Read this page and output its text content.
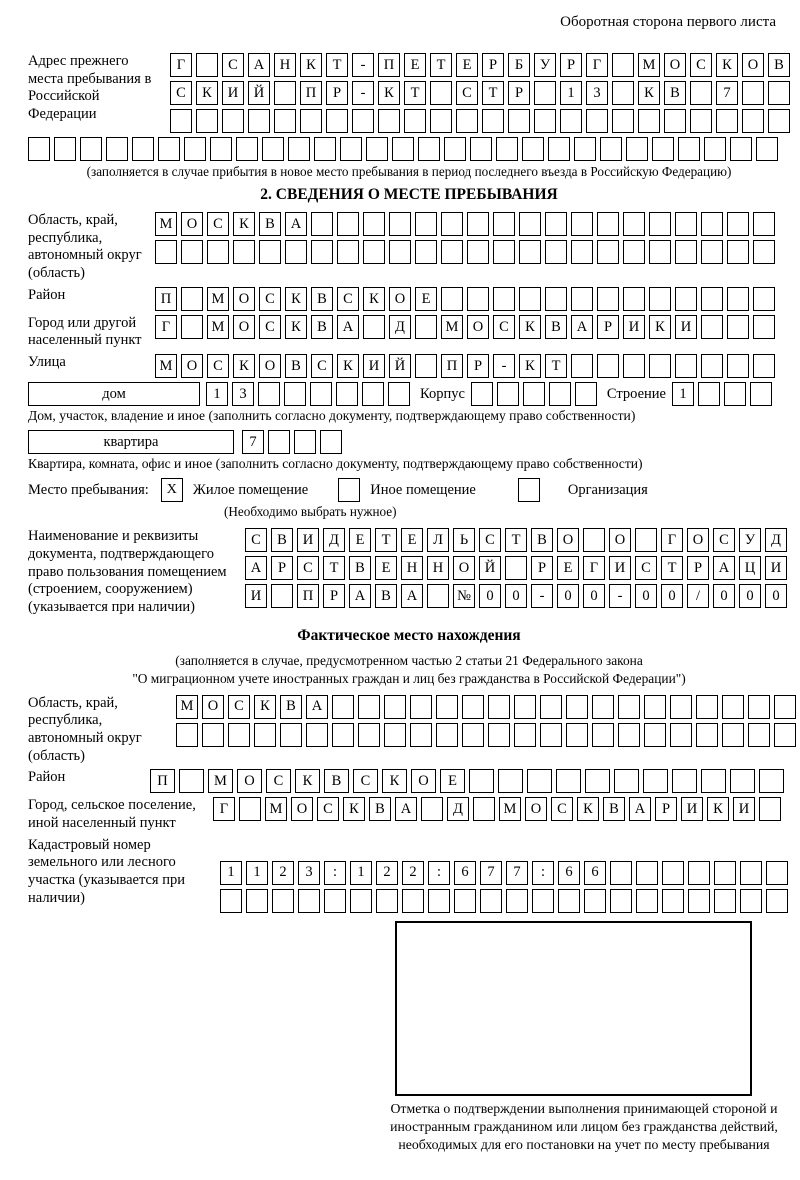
Оборотная сторона первого листа
Адрес прежнего места пребывания в Российской Федерации
Г	С	А	Н	К	Т	-	П	Е	Т	Е	Р	Б	У	Р	Г	М О	С	К	О	В
С	К	И	Й	П	Р	-	К	Т	С	Т	Р	1	3	К	В	7
(заполняется в случае прибытия в новое место пребывания в период последнего въезда в Российскую Федерацию)
2. СВЕДЕНИЯ О МЕСТЕ ПРЕБЫВАНИЯ
Область, край, республика, автономный округ (область)
М О	С	К	В	А
Район	П	М О	С	К	В	С	К	О	Е
Город или другой населенный пункт
Г	М О	С	К	В	А	Д	М О	С	К	В	А	Р	И	К	И
Улица	М О	С	К	О	В	С	К	И	Й	П	Р	-	К	Т
дом	1	3	Корпус	Строение 1
Дом, участок, владение и иное (заполнить согласно документу, подтверждающему право собственности)
квартира	7
Квартира, комната, офис и иное (заполнить согласно документу, подтверждающему право собственности)
Место пребывания:	X	Жилое помещение	Иное помещение	Организация
(Необходимо выбрать нужное)
Наименование и реквизиты документа, подтверждающего право пользования помещением (строением, сооружением) (указывается при наличии)
С	В	И	Д	Е	Т	Е	Л	Ь	С	Т	В	О	О	Г	О	С	У	Д
А	Р	С	Т	В	Е	Н	Н	О	Й	Р	Е	Г	И	С	Т	Р	А	Ц	И
И	П	Р	А	В	А	№	0	0	-	0	0	-	0	0	/	0	0	0
Фактическое место нахождения
(заполняется в случае, предусмотренном частью 2 статьи 21 Федерального закона
"О миграционном учете иностранных граждан и лиц без гражданства в Российской Федерации")
Область, край, республика, автономный округ (область)
М О	С	К	В	А
Район	П	М	О	С	К	В	С	К	О	Е
Город, сельское поселение, иной населенный пункт
Г	М О	С	К	В	А	Д	М О	С	К	В	А	Р	И	К	И
Кадастровый номер земельного или лесного участка (указывается при наличии)
1	1	2	3	:	1	2	2	:	6	7	7	:	6	6
Отметка о подтверждении выполнения принимающей стороной и иностранным гражданином или лицом без гражданства действий, необходимых для его постановки на учет по месту пребывания
